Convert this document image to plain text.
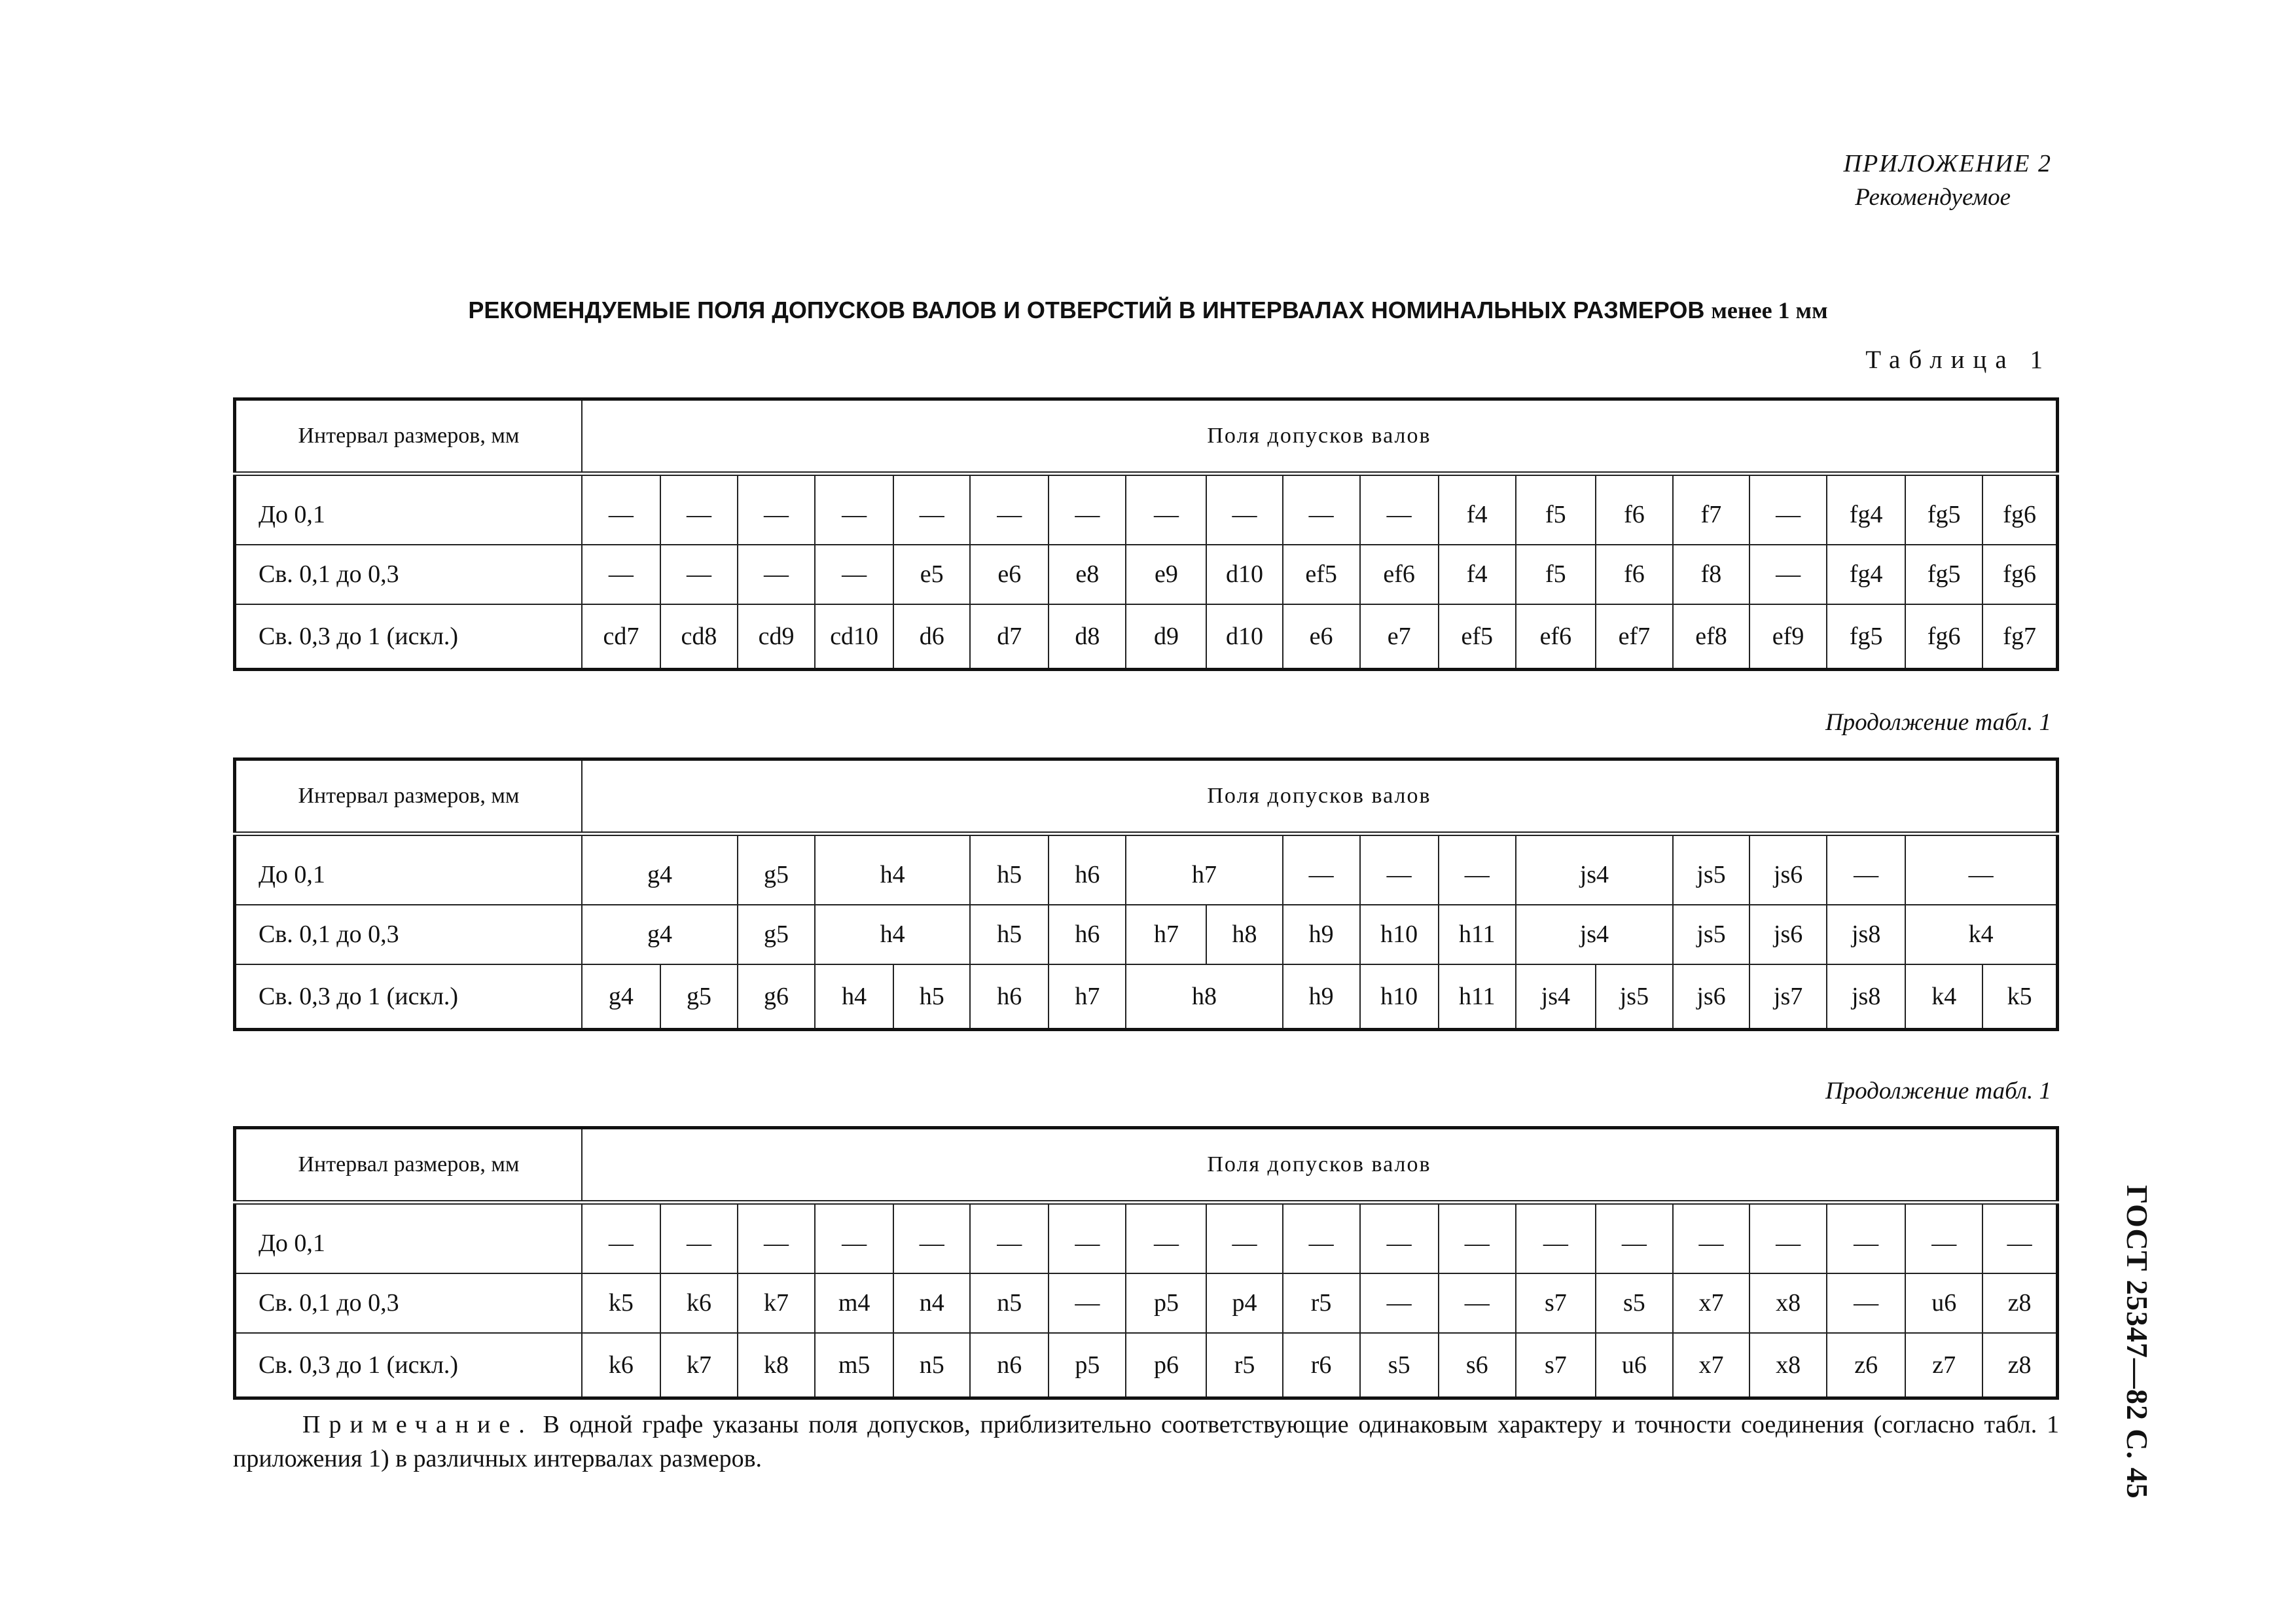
ПРИЛОЖЕНИЕ 2
Рекомендуемое
РЕКОМЕНДУЕМЫЕ ПОЛЯ ДОПУСКОВ ВАЛОВ И ОТВЕРСТИЙ В ИНТЕРВАЛАХ НОМИНАЛЬНЫХ РАЗМЕРОВ менее 1 мм
Таблица 1
Интервал размеров, мм	Поля допусков валов																		
До 0,1	—	—	—	—	—	—	—	—	—	—	—	f4	f5	f6	f7	—	fg4	fg5	fg6
Св. 0,1 до 0,3	—	—	—	—	e5	e6	e8	e9	d10	ef5	ef6	f4	f5	f6	f8	—	fg4	fg5	fg6
Св. 0,3 до 1 (искл.)	cd7	cd8	cd9	cd10	d6	d7	d8	d9	d10	e6	e7	ef5	ef6	ef7	ef8	ef9	fg5	fg6	fg7
Продолжение табл. 1
Интервал размеров, мм	Поля допусков валов																		
До 0,1	g4		g5	h4		h5	h6	h7		—	—	—	js4		js5	js6	—	—	
Св. 0,1 до 0,3	g4		g5	h4		h5	h6	h7	h8	h9	h10	h11	js4		js5	js6	js8	k4	
Св. 0,3 до 1 (искл.)	g4	g5	g6	h4	h5	h6	h7	h8		h9	h10	h11	js4	js5	js6	js7	js8	k4	k5
Продолжение табл. 1
Интервал размеров, мм	Поля допусков валов																		
До 0,1	—	—	—	—	—	—	—	—	—	—	—	—	—	—	—	—	—	—	—
Св. 0,1 до 0,3	k5	k6	k7	m4	n4	n5	—	p5	p4	r5	—	—	s7	s5	x7	x8	—	u6	z8
Св. 0,3 до 1 (искл.)	k6	k7	k8	m5	n5	n6	p5	p6	r5	r6	s5	s6	s7	u6	x7	x8	z6	z7	z8
Примечание. В одной графе указаны поля допусков, приблизительно соответствующие одинаковым характеру и точности соединения (согласно табл. 1 приложения 1) в различных интервалах размеров.	ГОСТ 25347—82 С. 45
